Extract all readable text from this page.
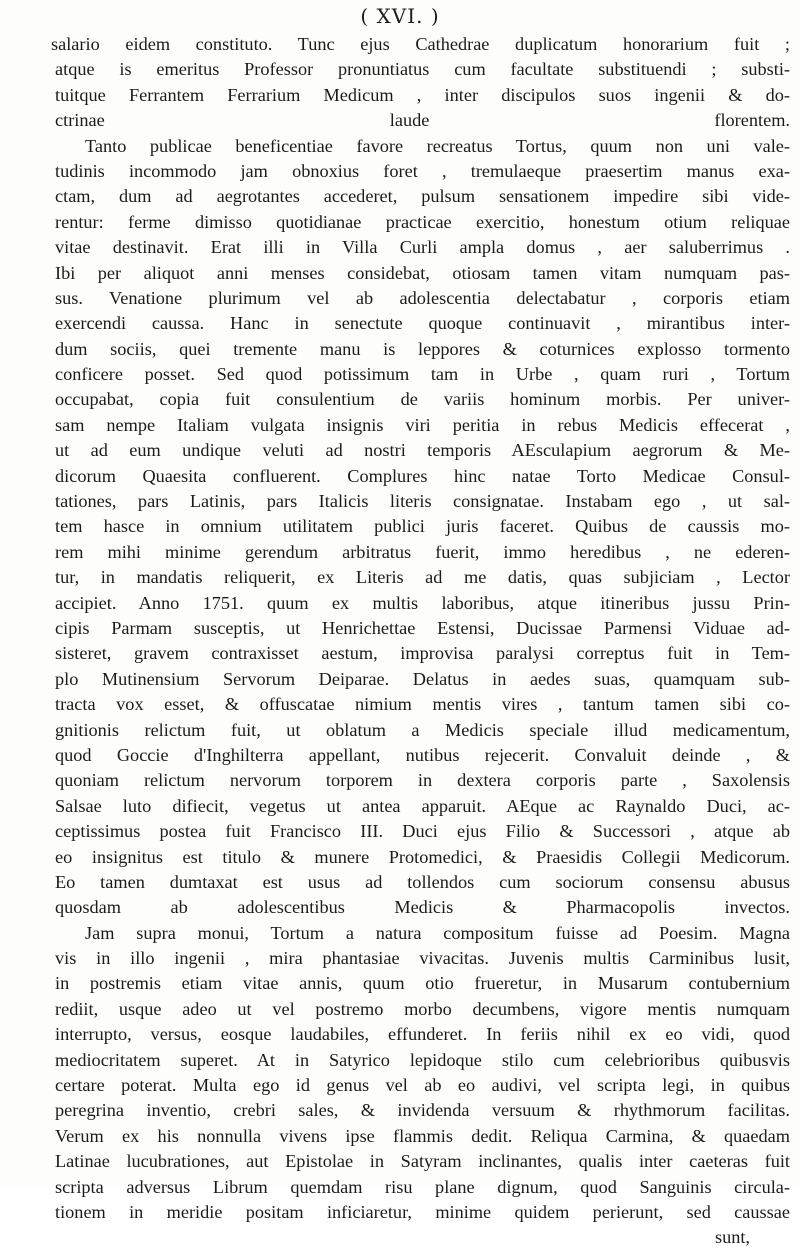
( XVI. )
salario eidem constituto. Tunc ejus Cathedrae duplicatum honorarium fuit ;
atque is emeritus Professor pronuntiatus cum facultate substituendi ; substi-
tuitque Ferrantem Ferrarium Medicum , inter discipulos suos ingenii & do-
ctrinae laude florentem.
Tanto publicae beneficentiae favore recreatus Tortus, quum non uni vale-
tudinis incommodo jam obnoxius foret , tremulaeque praesertim manus exa-
ctam, dum ad aegrotantes accederet, pulsum sensationem impedire sibi vide-
rentur: ferme dimisso quotidianae practicae exercitio, honestum otium reliquae
vitae destinavit. Erat illi in Villa Curli ampla domus , aer saluberrimus .
Ibi per aliquot anni menses considebat, otiosam tamen vitam numquam pas-
sus. Venatione plurimum vel ab adolescentia delectabatur , corporis etiam
exercendi caussa. Hanc in senectute quoque continuavit , mirantibus inter-
dum sociis, quei tremente manu is leppores & coturnices explosso tormento
conficere posset. Sed quod potissimum tam in Urbe , quam ruri , Tortum
occupabat, copia fuit consulentium de variis hominum morbis. Per univer-
sam nempe Italiam vulgata insignis viri peritia in rebus Medicis effecerat ,
ut ad eum undique veluti ad nostri temporis AEsculapium aegrorum & Me-
dicorum Quaesita confluerent. Complures hinc natae Torto Medicae Consul-
tationes, pars Latinis, pars Italicis literis consignatae. Instabam ego , ut sal-
tem hasce in omnium utilitatem publici juris faceret. Quibus de caussis mo-
rem mihi minime gerendum arbitratus fuerit, immo heredibus , ne ederen-
tur, in mandatis reliquerit, ex Literis ad me datis, quas subjiciam , Lector
accipiet. Anno 1751. quum ex multis laboribus, atque itineribus jussu Prin-
cipis Parmam susceptis, ut Henrichettae Estensi, Ducissae Parmensi Viduae ad-
sisteret, gravem contraxisset aestum, improvisa paralysi correptus fuit in Tem-
plo Mutinensium Servorum Deiparae. Delatus in aedes suas, quamquam sub-
tracta vox esset, & offuscatae nimium mentis vires , tantum tamen sibi co-
gnitionis relictum fuit, ut oblatum a Medicis speciale illud medicamentum,
quod Goccie d'Inghilterra appellant, nutibus rejecerit. Convaluit deinde , &
quoniam relictum nervorum torporem in dextera corporis parte , Saxolensis
Salsae luto difiecit, vegetus ut antea apparuit. AEque ac Raynaldo Duci, ac-
ceptissimus postea fuit Francisco III. Duci ejus Filio & Successori , atque ab
eo insignitus est titulo & munere Protomedici, & Praesidis Collegii Medicorum.
Eo tamen dumtaxat est usus ad tollendos cum sociorum consensu abusus
quosdam ab adolescentibus Medicis & Pharmacopolis invectos.
Jam supra monui, Tortum a natura compositum fuisse ad Poesim. Magna
vis in illo ingenii , mira phantasiae vivacitas. Juvenis multis Carminibus lusit,
in postremis etiam vitae annis, quum otio frueretur, in Musarum contubernium
rediit, usque adeo ut vel postremo morbo decumbens, vigore mentis numquam
interrupto, versus, eosque laudabiles, effunderet. In feriis nihil ex eo vidi, quod
mediocritatem superet. At in Satyrico lepidoque stilo cum celebrioribus quibusvis
certare poterat. Multa ego id genus vel ab eo audivi, vel scripta legi, in quibus
peregrina inventio, crebri sales, & invidenda versuum & rhythmorum facilitas.
Verum ex his nonnulla vivens ipse flammis dedit. Reliqua Carmina, & quaedam
Latinae lucubrationes, aut Epistolae in Satyram inclinantes, qualis inter caeteras fuit
scripta adversus Librum quemdam risu plane dignum, quod Sanguinis circula-
tionem in meridie positam inficiaretur, minime quidem perierunt, sed caussae
sunt,
